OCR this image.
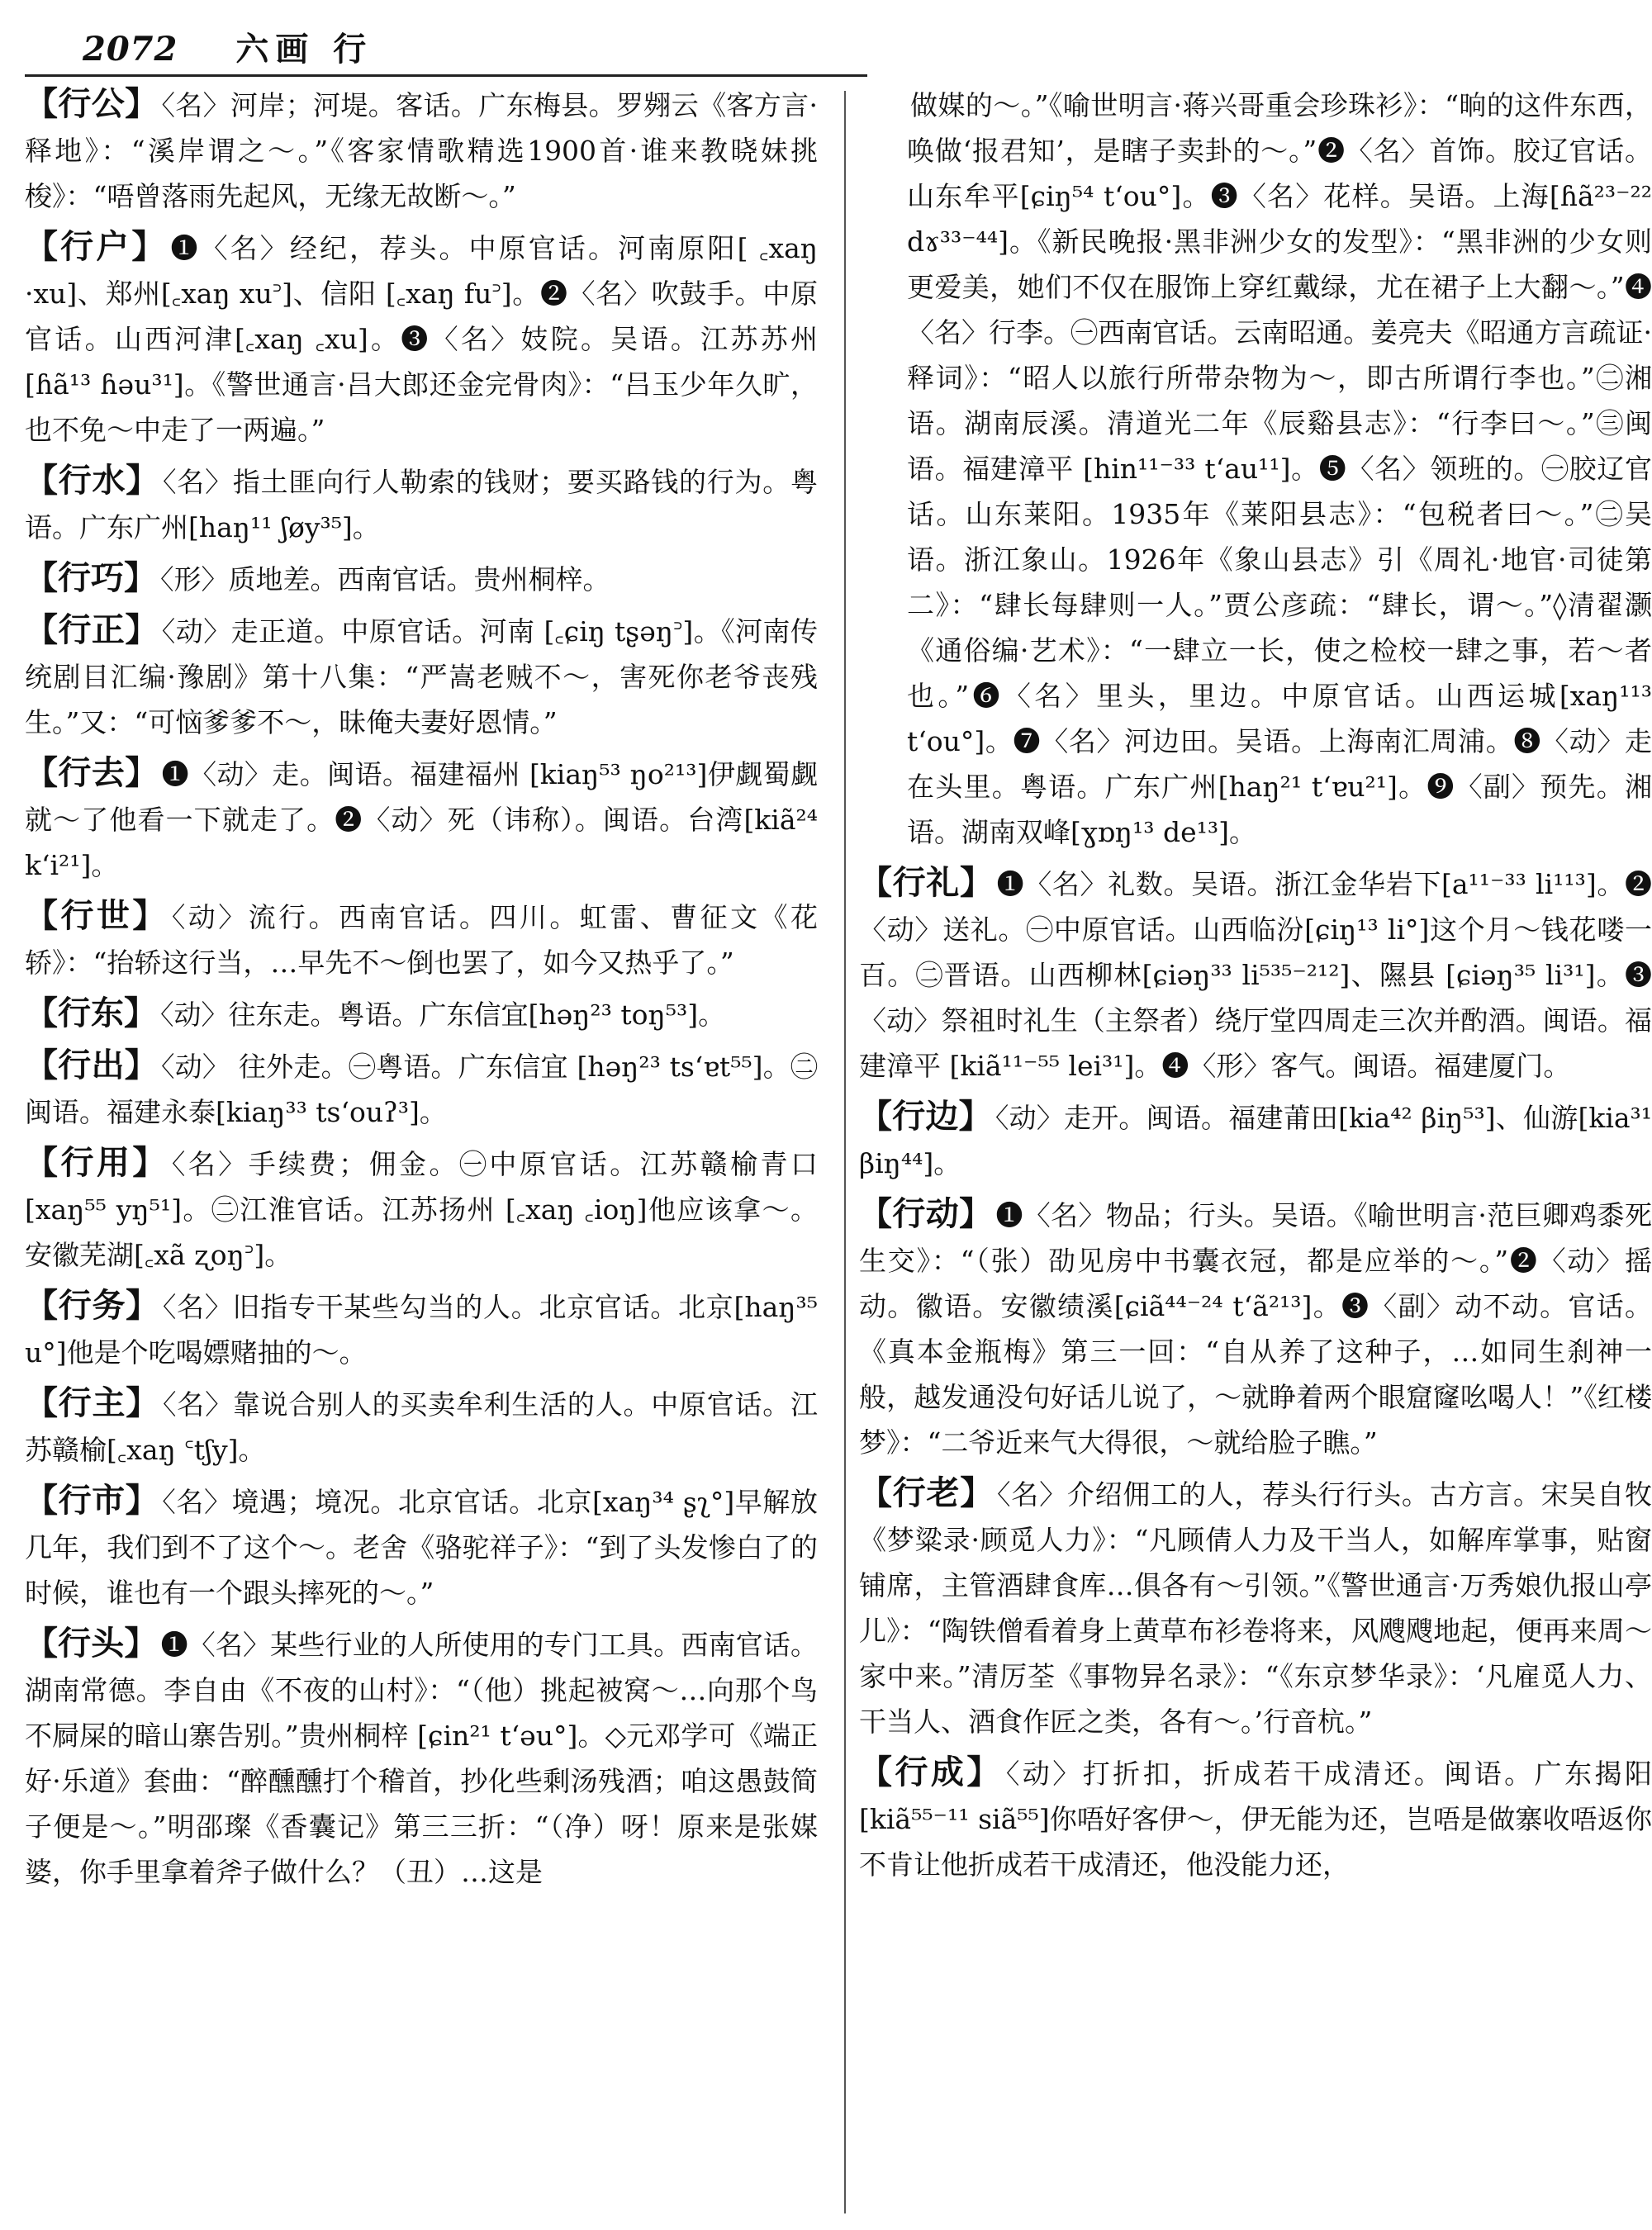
2072 六画 行
【行公】 〈名〉河岸；河堤。客话。广东梅县。罗翙云《客方言·释地》：“溪岸谓之～。”《客家情歌精选1900首·谁来教晓妹挑梭》：“唔曾落雨先起风，无缘无故断～。”
【行户】 ❶〈名〉经纪，荐头。中原官话。河南原阳[ ꜀xaŋ ·xu]、郑州[꜀xaŋ xu꜄]、信阳 [꜀xaŋ fu꜄]。❷〈名〉吹鼓手。中原官话。山西河津[꜀xaŋ ꜀xu]。❸〈名〉妓院。吴语。江苏苏州[ɦã¹³ ɦəu³¹]。《警世通言·吕大郎还金完骨肉》：“吕玉少年久旷，也不免～中走了一两遍。”
【行水】 〈名〉指土匪向行人勒索的钱财；要买路钱的行为。粤语。广东广州[haŋ¹¹ ʃøy³⁵]。
【行巧】 〈形〉质地差。西南官话。贵州桐梓。
【行正】 〈动〉走正道。中原官话。河南 [꜀ɕiŋ tʂəŋ꜄]。《河南传统剧目汇编·豫剧》第十八集：“严嵩老贼不～，害死你老爷丧残生。”又：“可恼爹爹不～，昧俺夫妻好恩情。”
【行去】 ❶〈动〉走。闽语。福建福州 [kiaŋ⁵³ ŋo²¹³]伊觑蜀觑就～了他看一下就走了。❷〈动〉死（讳称）。闽语。台湾[kiã²⁴ kʻi²¹]。
【行世】 〈动〉流行。西南官话。四川。虹雷、曹征文《花轿》：“抬轿这行当，…早先不～倒也罢了，如今又热乎了。”
【行东】 〈动〉往东走。粤语。广东信宜[həŋ²³ toŋ⁵³]。
【行出】 〈动〉 往外走。㊀粤语。广东信宜 [həŋ²³ tsʻɐt⁵⁵]。㊁闽语。福建永泰[kiaŋ³³ tsʻouʔ³]。
【行用】 〈名〉手续费；佣金。㊀中原官话。江苏赣榆青口[xaŋ⁵⁵ yŋ⁵¹]。㊁江淮官话。江苏扬州 [꜀xaŋ ꜀ioŋ]他应该拿～。安徽芜湖[꜀xã ʐoŋ꜄]。
【行务】 〈名〉旧指专干某些勾当的人。北京官话。北京[haŋ³⁵ u°]他是个吃喝嫖赌抽的～。
【行主】 〈名〉靠说合别人的买卖牟利生活的人。中原官话。江苏赣榆[꜀xaŋ ꜂tʃy]。
【行市】 〈名〉境遇；境况。北京官话。北京[xaŋ³⁴ ʂʅ°]早解放几年，我们到不了这个～。老舍《骆驼祥子》：“到了头发惨白了的时候，谁也有一个跟头摔死的～。”
【行头】 ❶〈名〉某些行业的人所使用的专门工具。西南官话。湖南常德。李自由《不夜的山村》：“（他）挑起被窝～…向那个鸟不屙屎的暗山寨告别。”贵州桐梓 [ɕin²¹ tʻəu°]。◇元邓学可《端正好·乐道》套曲：“醉醺醺打个稽首，抄化些剩汤残酒；咱这愚鼓简子便是～。”明邵璨《香囊记》第三三折：“（净）呀！原来是张媒婆，你手里拿着斧子做什么？（丑）…这是
做媒的～。”《喻世明言·蒋兴哥重会珍珠衫》：“晌的这件东西，唤做‘报君知’，是瞎子卖卦的～。”❷〈名〉首饰。胶辽官话。山东牟平[ɕiŋ⁵⁴ tʻou°]。❸〈名〉花样。吴语。上海[ɦã²³⁻²² dɤ³³⁻⁴⁴]。《新民晚报·黑非洲少女的发型》：“黑非洲的少女则更爱美，她们不仅在服饰上穿红戴绿，尤在裙子上大翻～。”❹〈名〉行李。㊀西南官话。云南昭通。姜亮夫《昭通方言疏证·释词》：“昭人以旅行所带杂物为～，即古所谓行李也。”㊁湘语。湖南辰溪。清道光二年《辰谿县志》：“行李曰～。”㊂闽语。福建漳平 [hin¹¹⁻³³ tʻau¹¹]。❺〈名〉领班的。㊀胶辽官话。山东莱阳。1935年《莱阳县志》：“包税者曰～。”㊁吴语。浙江象山。1926年《象山县志》引《周礼·地官·司徒第二》：“肆长每肆则一人。”贾公彦疏：“肆长，谓～。”◊清翟灏《通俗编·艺术》：“一肆立一长，使之检校一肆之事，若～者也。”❻〈名〉里头，里边。中原官话。山西运城[xaŋ¹¹³ tʻou°]。❼〈名〉河边田。吴语。上海南汇周浦。❽〈动〉走在头里。粤语。广东广州[haŋ²¹ tʻɐu²¹]。❾〈副〉预先。湘语。湖南双峰[ɣɒŋ¹³ de¹³]。
【行礼】 ❶〈名〉礼数。吴语。浙江金华岩下[a¹¹⁻³³ li¹¹³]。❷〈动〉送礼。㊀中原官话。山西临汾[ɕiŋ¹³ li°]这个月～钱花喽一百。㊁晋语。山西柳林[ɕiəŋ³³ li⁵³⁵⁻²¹²]、隰县 [ɕiəŋ³⁵ li³¹]。❸〈动〉祭祖时礼生（主祭者）绕厅堂四周走三次并酌酒。闽语。福建漳平 [kiã¹¹⁻⁵⁵ lei³¹]。❹〈形〉客气。闽语。福建厦门。
【行边】 〈动〉走开。闽语。福建莆田[kia⁴² βiŋ⁵³]、仙游[kia³¹ βiŋ⁴⁴]。
【行动】 ❶〈名〉物品；行头。吴语。《喻世明言·范巨卿鸡黍死生交》：“（张）劭见房中书囊衣冠，都是应举的～。”❷〈动〉摇动。徽语。安徽绩溪[ɕiã⁴⁴⁻²⁴ tʻã²¹³]。❸〈副〉动不动。官话。《真本金瓶梅》第三一回：“自从养了这种子，…如同生刹神一般，越发通没句好话儿说了，～就睁着两个眼窟窿吆喝人！”《红楼梦》：“二爷近来气大得很，～就给脸子瞧。”
【行老】 〈名〉介绍佣工的人，荐头行行头。古方言。宋吴自牧《梦粱录·顾觅人力》：“凡顾倩人力及干当人，如解库掌事，贴窗铺席，主管酒肆食库…俱各有～引领。”《警世通言·万秀娘仇报山亭儿》：“陶铁僧看着身上黄草布衫卷将来，风飕飕地起，便再来周～家中来。”清厉荃《事物异名录》：“《东京梦华录》：‘凡雇觅人力、干当人、酒食作匠之类，各有～。’行音杭。”
【行成】 〈动〉打折扣，折成若干成清还。闽语。广东揭阳[kiã⁵⁵⁻¹¹ siã⁵⁵]你唔好客伊～，伊无能为还，岂唔是做寨收唔返你不肯让他折成若干成清还，他没能力还，
